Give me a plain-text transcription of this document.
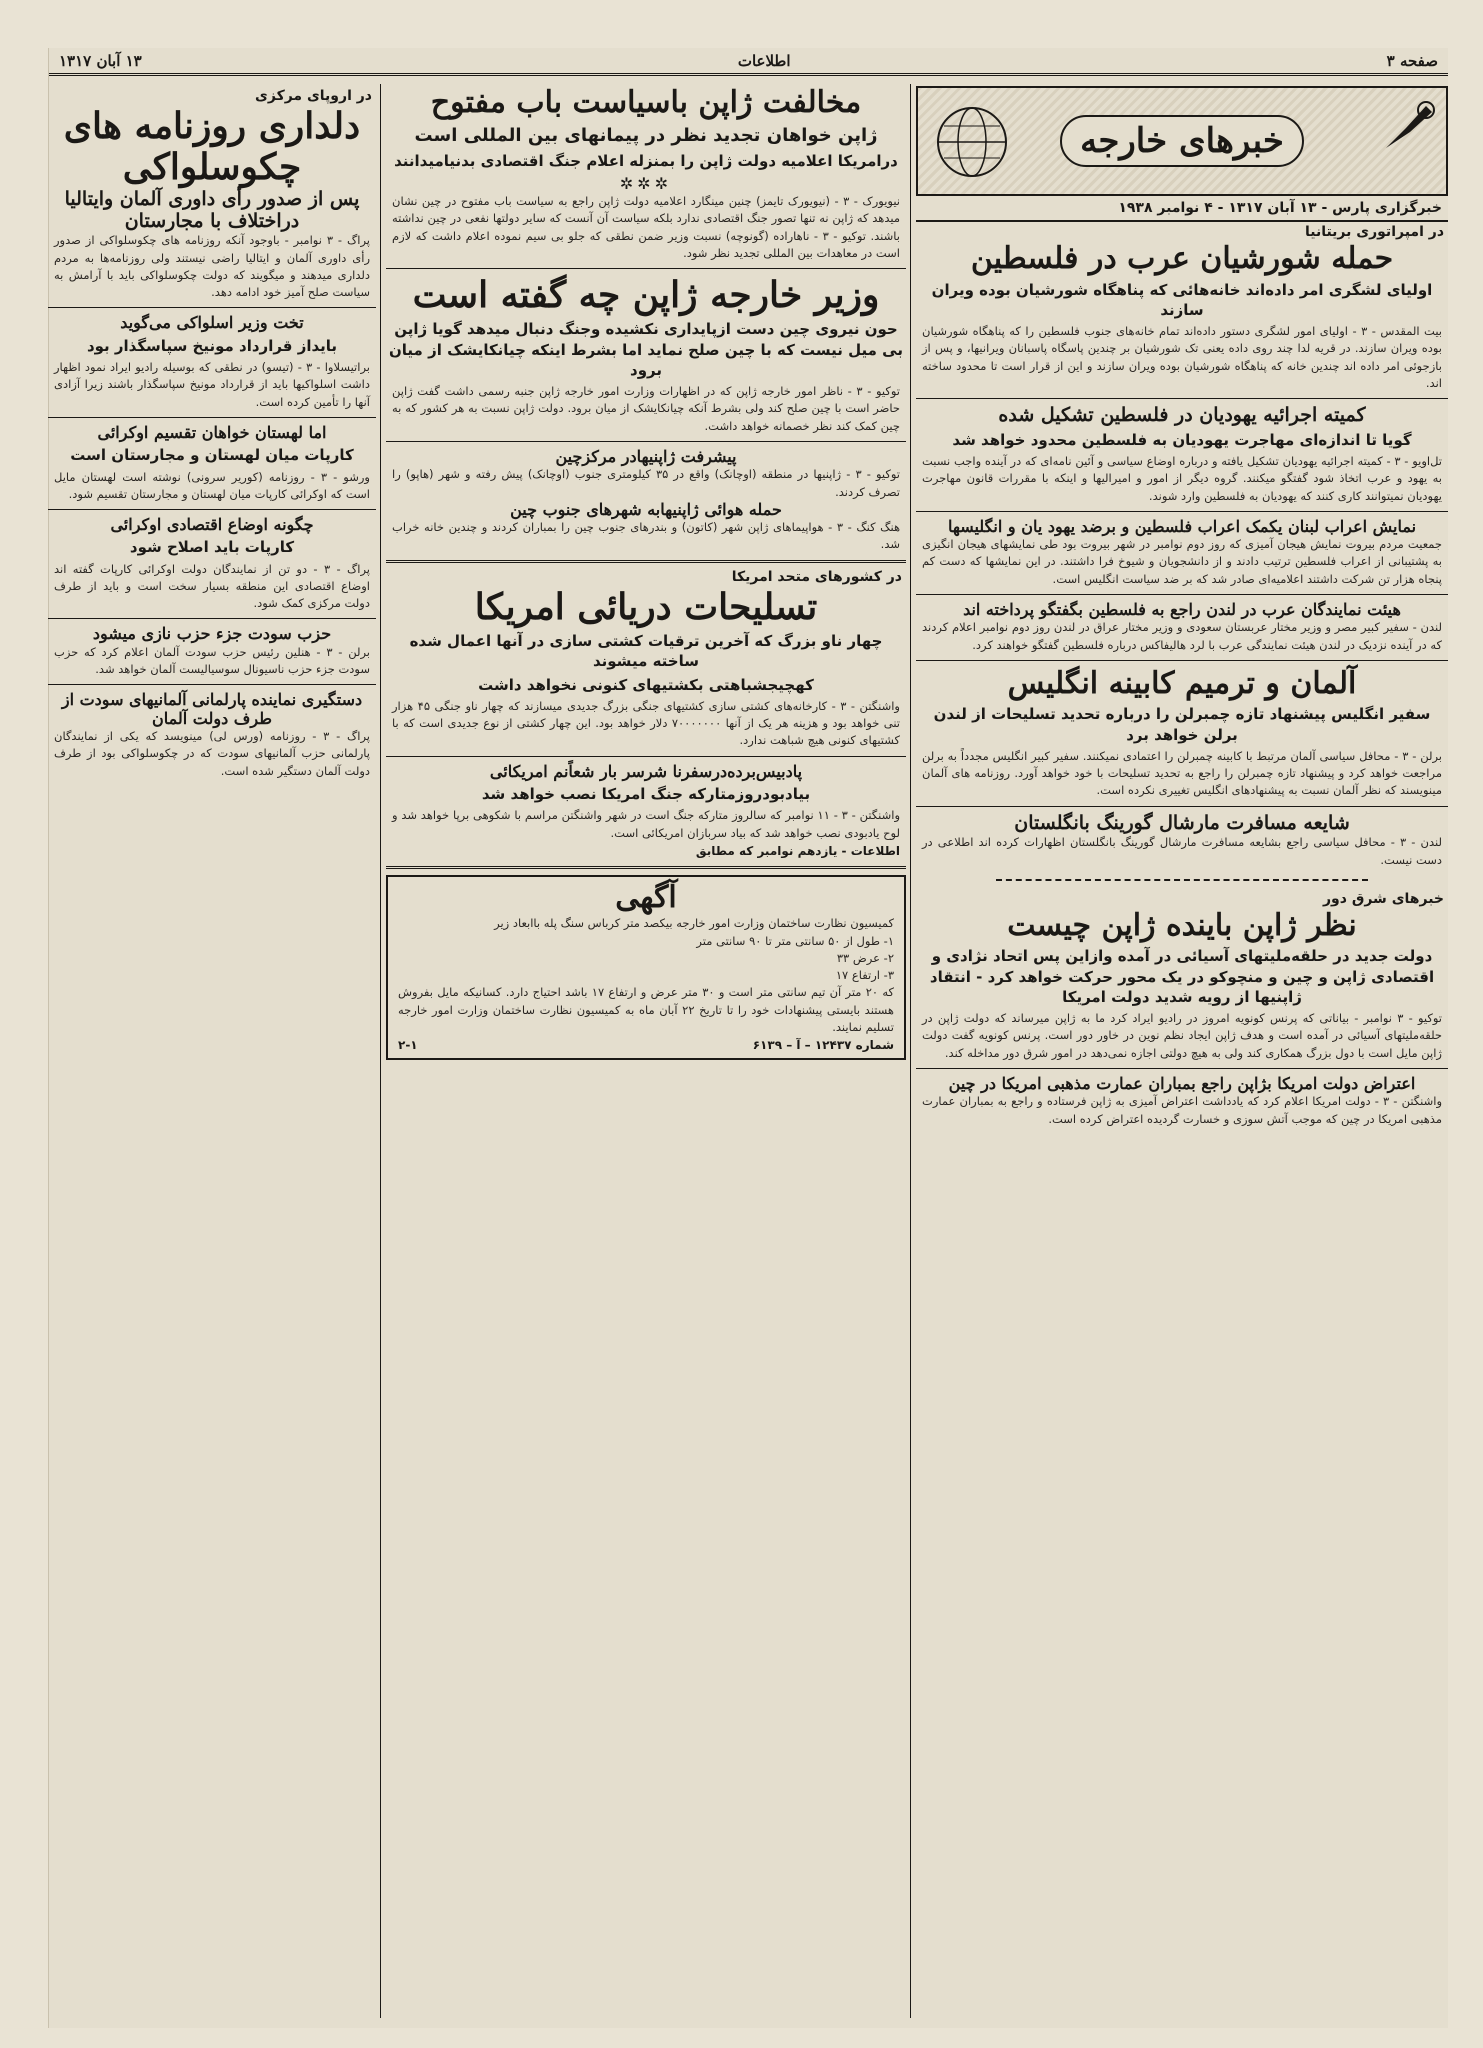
صفحه ۳
اطلاعات
۱۳ آبان ۱۳۱۷
خبرهای خارجه
خبرگزاری پارس - ۱۳ آبان ۱۳۱۷ - ۴ نوامبر ۱۹۳۸
در امپراتوری بریتانیا
حمله شورشیان عرب در فلسطین
اولیای لشگری امر داده‌اند خانه‌هائی که پناهگاه شورشیان بوده ویران سازند
بیت المقدس - ۳ - اولیای امور لشگری دستور داده‌اند تمام خانه‌های جنوب فلسطین را که پناهگاه شورشیان بوده ویران سازند. در قریه لدا چند روی داده یعنی تک شورشیان بر چندین پاسگاه پاسبانان ویرانیها، و پس از بازجوئی امر داده اند چندین خانه که پناهگاه شورشیان بوده ویران سازند و این از قرار است تا محدود ساخته اند.
کمیته اجرائیه یهودیان در فلسطین تشکیل شده
گویا تا اندازه‌ای مهاجرت یهودیان به فلسطین محدود خواهد شد
تل‌اویو - ۳ - کمیته اجرائیه یهودیان تشکیل یافته و درباره اوضاع سیاسی و آئین نامه‌ای که در آینده واجب نسبت به یهود و عرب اتخاذ شود گفتگو میکنند. گروه دیگر از امور و امیرالیها و اینکه با مقررات قانون مهاجرت یهودیان نمیتوانند کاری کنند که یهودیان به فلسطین وارد شوند.
نمایش اعراب لبنان یکمک اعراب فلسطین و برضد یهود یان و انگلیسها
جمعیت مردم بیروت نمایش هیجان آمیزی که روز دوم نوامبر در شهر بیروت بود طی نمایشهای هیجان انگیزی به پشتیبانی از اعراب فلسطین ترتیب دادند و از دانشجویان و شیوخ فرا داشتند. در این نمایشها که دست کم پنجاه هزار تن شرکت داشتند اعلامیه‌ای صادر شد که بر ضد سیاست انگلیس است.
هیئت نمایندگان عرب در لندن راجع به فلسطین بگفتگو پرداخته اند
لندن - سفیر کبیر مصر و وزیر مختار عربستان سعودی و وزیر مختار عراق در لندن روز دوم نوامبر اعلام کردند که در آینده نزدیک در لندن هیئت نمایندگی عرب با لرد هالیفاکس درباره فلسطین گفتگو خواهند کرد.
آلمان و ترمیم کابینه انگلیس
سفیر انگلیس پیشنهاد تازه چمبرلن را درباره تحدید تسلیحات از لندن برلن خواهد برد
برلن - ۳ - محافل سیاسی آلمان مرتبط با کابینه چمبرلن را اعتمادی نمیکنند. سفیر کبیر انگلیس مجدداً به برلن مراجعت خواهد کرد و پیشنهاد تازه چمبرلن را راجع به تحدید تسلیحات با خود خواهد آورد. روزنامه های آلمان مینویسند که نظر آلمان نسبت به پیشنهادهای انگلیس تغییری نکرده است.
شایعه مسافرت مارشال گورینگ بانگلستان
لندن - ۳ - محافل سیاسی راجع بشایعه مسافرت مارشال گورینگ بانگلستان اظهارات کرده اند اطلاعی در دست نیست.
خبرهای شرق دور
نظر ژاپن باینده ژاپن چیست
دولت جدید در حلقه‌ملیتهای آسیائی در آمده وازاین پس اتحاد نژادی و اقتصادی ژاپن و چین و منچوکو در یک محور حرکت خواهد کرد - انتقاد ژاپنیها از رویه شدید دولت امریکا
توکیو - ۳ نوامبر - بیاناتی که پرنس کونویه امروز در رادیو ایراد کرد ما به ژاپن میرساند که دولت ژاپن در حلقه‌ملیتهای آسیائی در آمده است و هدف ژاپن ایجاد نظم نوین در خاور دور است. پرنس کونویه گفت دولت ژاپن مایل است با دول بزرگ همکاری کند ولی به هیچ دولتی اجازه نمی‌دهد در امور شرق دور مداخله کند.
اعتراض دولت امریکا بژاپن راجع بمباران عمارت مذهبی امریکا در چین
واشنگتن - ۳ - دولت امریکا اعلام کرد که یادداشت اعتراض آمیزی به ژاپن فرستاده و راجع به بمباران عمارت مذهبی امریکا در چین که موجب آتش سوزی و خسارت گردیده اعتراض کرده است.
مخالفت ژاپن باسیاست باب مفتوح
ژاپن خواهان تجدید نظر در پیمانهای بین المللی است
درامریکا اعلامیه دولت ژاپن را بمنزله اعلام جنگ اقتصادی بدنیامیدانند
✲✲✲
نیویورک - ۳ - (نیویورک تایمز) چنین مینگارد اعلامیه دولت ژاپن راجع به سیاست باب مفتوح در چین نشان میدهد که ژاپن نه تنها تصور جنگ اقتصادی ندارد بلکه سیاست آن آنست که سایر دولتها نفعی در چین نداشته باشند. توکیو - ۳ - ناهاراده (گونوچه) نسبت وزیر ضمن نطقی که جلو بی سیم نموده اعلام داشت که لازم است در معاهدات بین المللی تجدید نظر شود.
وزیر خارجه ژاپن چه گفته است
حون نیروی چین دست ازپایداری نکشیده وجنگ دنبال میدهد گویا ژاپن بی میل نیست که با چین صلح نماید اما بشرط اینکه چیانکایشک از میان برود
توکیو - ۳ - ناظر امور خارجه ژاپن که در اظهارات وزارت امور خارجه ژاپن جنبه رسمی داشت گفت ژاپن حاضر است با چین صلح کند ولی بشرط آنکه چیانکایشک از میان برود. دولت ژاپن نسبت به هر کشور که به چین کمک کند نظر خصمانه خواهد داشت.
پیشرفت ژاپنیهادر مرکزچین
توکیو - ۳ - ژاپنیها در منطقه (اوچانک) واقع در ۳۵ کیلومتری جنوب (اوچانک) پیش رفته و شهر (هاپو) را تصرف کردند.
حمله هوائی ژاپنیهابه شهرهای جنوب چین
هنگ کنگ - ۳ - هواپیماهای ژاپن شهر (کاتون) و بندرهای جنوب چین را بمباران کردند و چندین خانه خراب شد.
در کشورهای متحد امریکا
تسلیحات دریائی امریکا
چهار ناو بزرگ که آخرین ترقیات کشتی سازی در آنها اعمال شده ساخته میشوند
کهچیجشباهتی بکشتیهای کنونی نخواهد داشت
واشنگتن - ۳ - کارخانه‌های کشتی سازی کشتیهای جنگی بزرگ جدیدی میسازند که چهار ناو جنگی ۴۵ هزار تنی خواهد بود و هزینه هر یک از آنها ۷۰۰۰۰۰۰۰ دلار خواهد بود. این چهار کشتی از نوع جدیدی است که با کشتیهای کنونی هیچ شباهت ندارد.
پادبیس‌برده‌درسفرنا شرسر بار شعاً‌نم امریکائی
بیادبودروزمتارکه جنگ امریکا نصب خواهد شد
واشنگتن - ۳ - ۱۱ نوامبر که سالروز متارکه جنگ است در شهر واشنگتن مراسم با شکوهی برپا خواهد شد و لوح یادبودی نصب خواهد شد که بیاد سربازان امریکائی است.
اطلاعات - یازدهم نوامبر که مطابق
آگهی
کمیسیون نظارت ساختمان وزارت امور خارجه بیکصد متر کرباس سنگ پله باابعاد زیر
۱- طول از ۵۰ سانتی متر تا ۹۰ سانتی متر
۲- عرض ۳۳
۳- ارتفاع ۱۷
که ۲۰ متر آن تیم سانتی متر است و ۳۰ متر عرض و ارتفاع ۱۷ باشد احتیاج دارد. کسانیکه مایل بفروش هستند بایستی پیشنهادات خود را تا تاریخ ۲۲ آبان ماه به کمیسیون نظارت ساختمان وزارت امور خارجه تسلیم نمایند.
شماره ۱۲۴۳۷ – آ – ۶۱۳۹
۲-۱
در اروپای مرکزی
دلداری روزنامه های چکوسلواکی
پس از صدور رأی داوری آلمان وایتالیا دراختلاف با مجارستان
پراگ - ۳ نوامبر - باوجود آنکه روزنامه های چکوسلواکی از صدور رأی داوری آلمان و ایتالیا راضی نیستند ولی روزنامه‌ها به مردم دلداری میدهند و میگویند که دولت چکوسلواکی باید با آرامش به سیاست صلح آمیز خود ادامه دهد.
تخت وزیر اسلواکی می‌گوید
بایداز قرارداد مونیخ سپاسگذار بود
براتیسلاوا - ۳ - (تیسو) در نطقی که بوسیله رادیو ایراد نمود اظهار داشت اسلواکیها باید از قرارداد مونیخ سپاسگذار باشند زیرا آزادی آنها را تأمین کرده است.
اما لهستان خواهان تقسیم اوکرائی
کارپات میان لهستان و مجارستان است
ورشو - ۳ - روزنامه (کوریر سرونی) نوشته است لهستان مایل است که اوکرائی کارپات میان لهستان و مجارستان تقسیم شود.
چگونه اوضاع اقتصادی اوکرائی
کارپات باید اصلاح شود
پراگ - ۳ - دو تن از نمایندگان دولت اوکرائی کارپات گفته اند اوضاع اقتصادی این منطقه بسیار سخت است و باید از طرف دولت مرکزی کمک شود.
حزب سودت جزء حزب نازی میشود
برلن - ۳ - هنلین رئیس حزب سودت آلمان اعلام کرد که حزب سودت جزء حزب ناسیونال سوسیالیست آلمان خواهد شد.
دستگیری نماینده پارلمانی آلمانیهای سودت از طرف دولت آلمان
پراگ - ۳ - روزنامه (ورس لی) مینویسد که یکی از نمایندگان پارلمانی حزب آلمانیهای سودت که در چکوسلواکی بود از طرف دولت آلمان دستگیر شده است.
